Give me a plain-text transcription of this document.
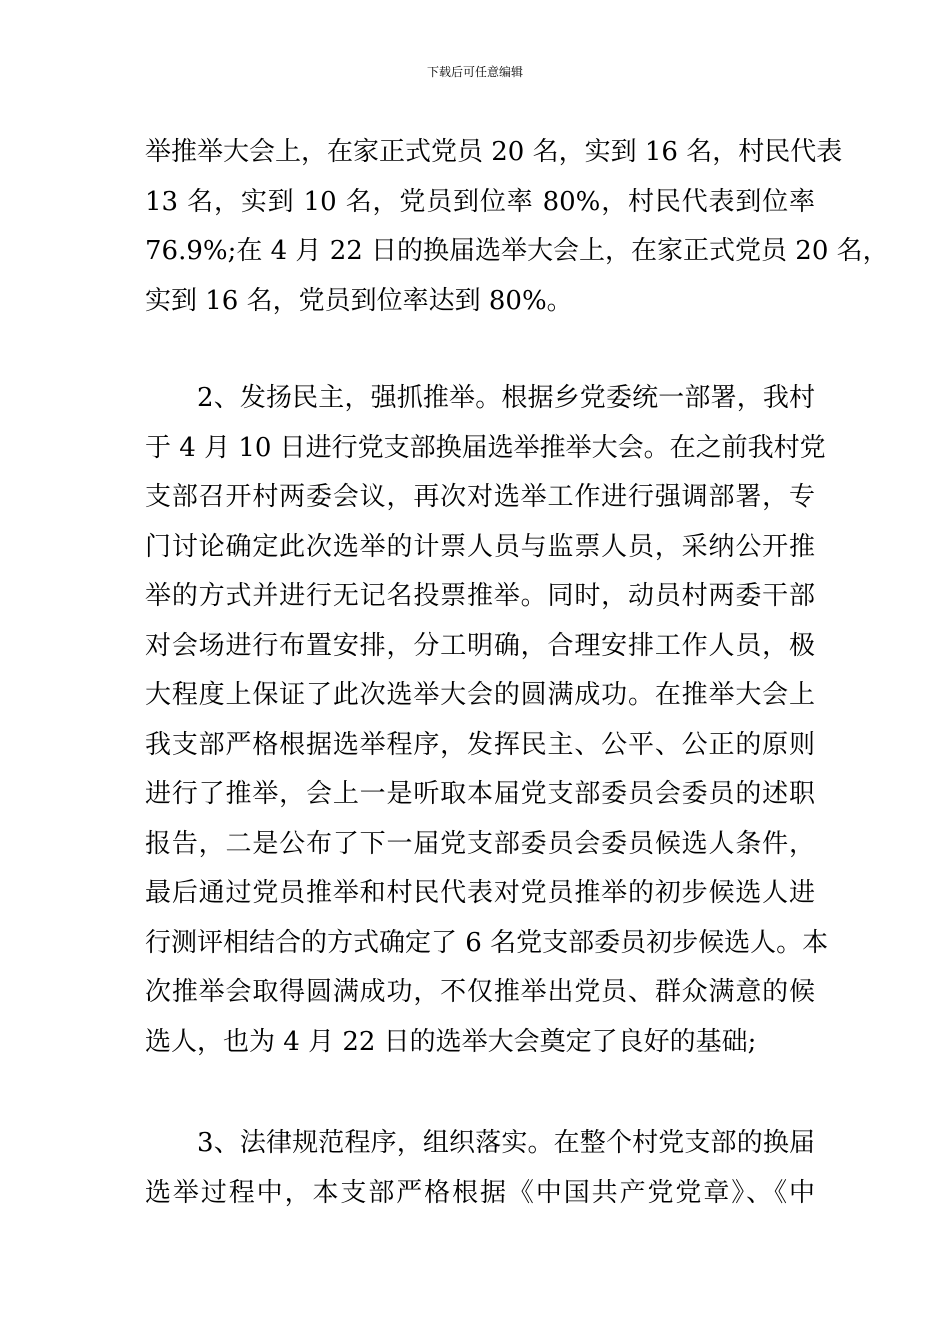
下载后可任意编辑
举推举大会上，在家正式党员 20 名，实到 16 名，村民代表
13 名，实到 10 名，党员到位率 80%，村民代表到位率
76.9%;在 4 月 22 日的换届选举大会上，在家正式党员 20 名，
实到 16 名，党员到位率达到 80%。
2、发扬民主，强抓推举。根据乡党委统一部署，我村
于 4 月 10 日进行党支部换届选举推举大会。在之前我村党
支部召开村两委会议，再次对选举工作进行强调部署，专
门讨论确定此次选举的计票人员与监票人员，采纳公开推
举的方式并进行无记名投票推举。同时，动员村两委干部
对会场进行布置安排，分工明确，合理安排工作人员，极
大程度上保证了此次选举大会的圆满成功。在推举大会上
我支部严格根据选举程序，发挥民主、公平、公正的原则
进行了推举，会上一是听取本届党支部委员会委员的述职
报告，二是公布了下一届党支部委员会委员候选人条件，
最后通过党员推举和村民代表对党员推举的初步候选人进
行测评相结合的方式确定了 6 名党支部委员初步候选人。本
次推举会取得圆满成功，不仅推举出党员、群众满意的候
选人，也为 4 月 22 日的选举大会奠定了良好的基础;
3、法律规范程序，组织落实。在整个村党支部的换届
选举过程中，本支部严格根据《中国共产党党章》、《中
